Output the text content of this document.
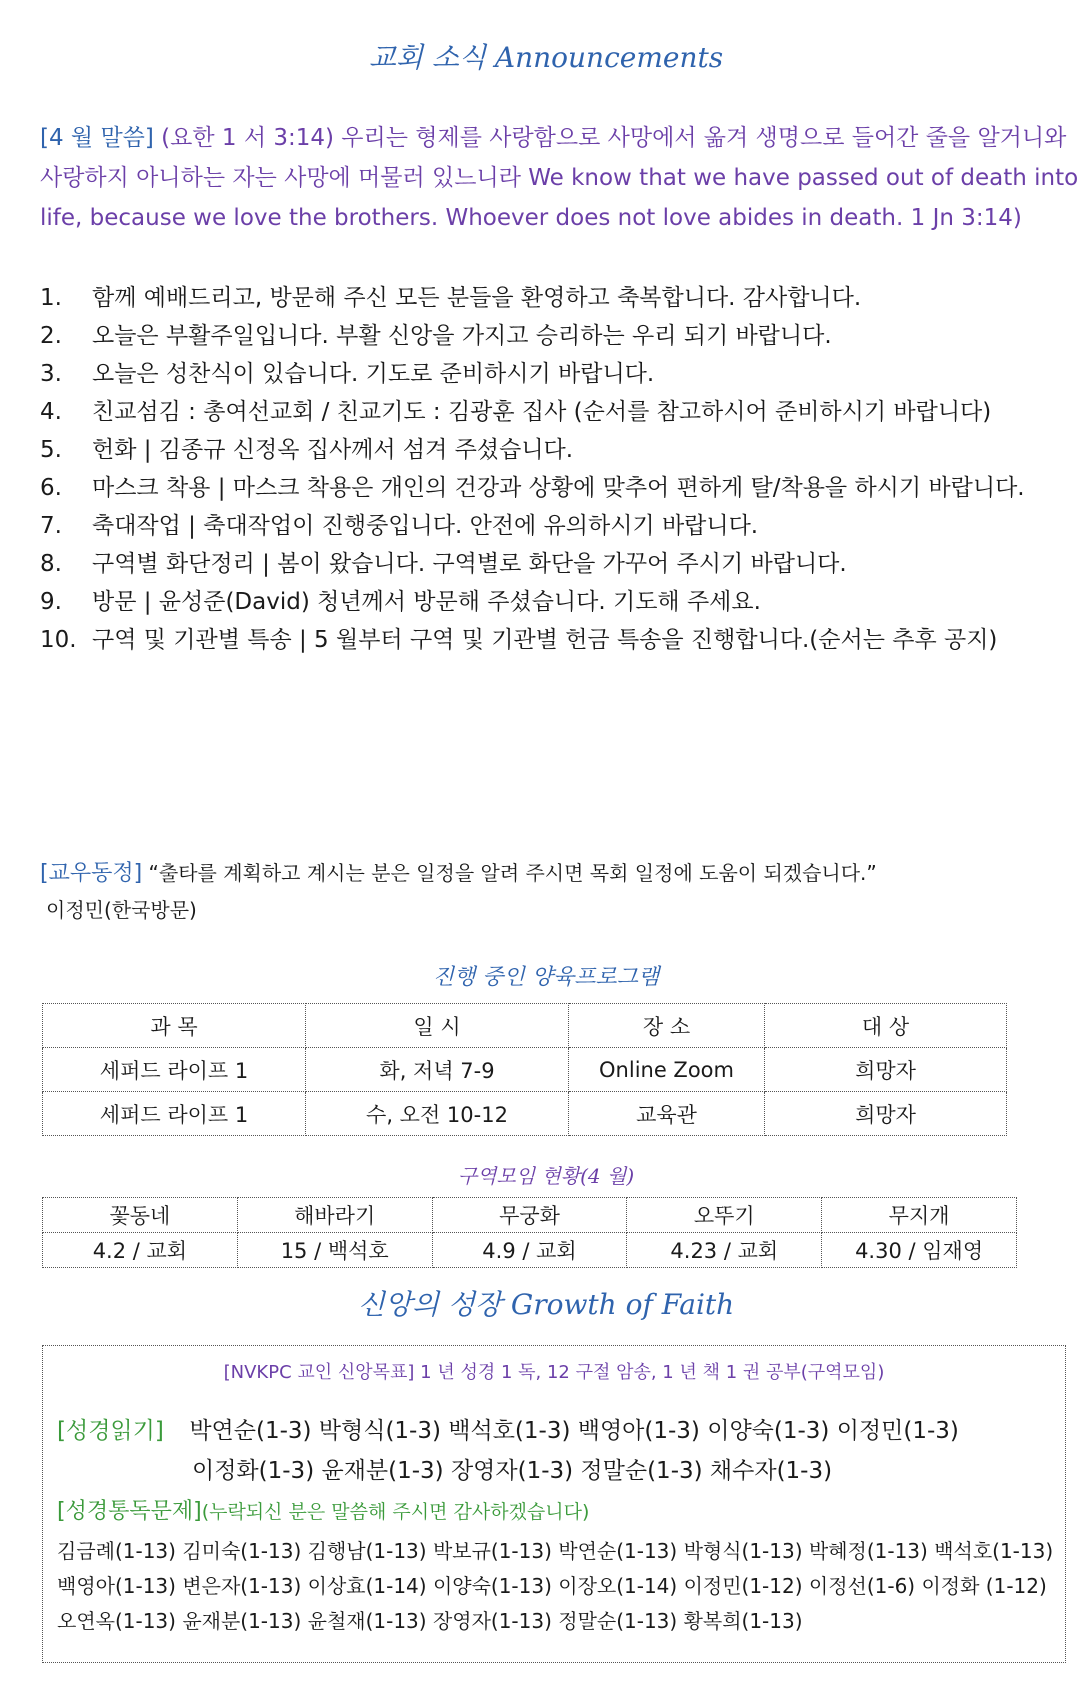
교회 소식 Announcements
[4 월 말씀] (요한 1 서 3:14) 우리는 형제를 사랑함으로 사망에서 옮겨 생명으로 들어간 줄을 알거니와 사랑하지 아니하는 자는 사망에 머물러 있느니라 We know that we have passed out of death into life, because we love the brothers. Whoever does not love abides in death. 1 Jn 3:14)
1. 함께 예배드리고, 방문해 주신 모든 분들을 환영하고 축복합니다. 감사합니다.
2. 오늘은 부활주일입니다. 부활 신앙을 가지고 승리하는 우리 되기 바랍니다.
3. 오늘은 성찬식이 있습니다. 기도로 준비하시기 바랍니다.
4. 친교섬김 : 총여선교회 / 친교기도 : 김광훈 집사 (순서를 참고하시어 준비하시기 바랍니다)
5. 헌화 | 김종규 신정옥 집사께서 섬겨 주셨습니다.
6. 마스크 착용 | 마스크 착용은 개인의 건강과 상황에 맞추어 편하게 탈/착용을 하시기 바랍니다.
7. 축대작업 | 축대작업이 진행중입니다. 안전에 유의하시기 바랍니다.
8. 구역별 화단정리 | 봄이 왔습니다. 구역별로 화단을 가꾸어 주시기 바랍니다.
9. 방문 | 윤성준(David) 청년께서 방문해 주셨습니다. 기도해 주세요.
10. 구역 및 기관별 특송 | 5 월부터 구역 및 기관별 헌금 특송을 진행합니다.(순서는 추후 공지)
[교우동정] “출타를 계획하고 계시는 분은 일정을 알려 주시면 목회 일정에 도움이 되겠습니다.”
이정민(한국방문)
진행 중인 양육프로그램
과 목	일 시	장 소	대 상
세퍼드 라이프 1	화, 저녁 7-9	Online Zoom	희망자
세퍼드 라이프 1	수, 오전 10-12	교육관	희망자
구역모임 현황(4 월)
꽃동네	해바라기	무궁화	오뚜기	무지개
4.2 / 교회	15 / 백석호	4.9 / 교회	4.23 / 교회	4.30 / 임재영
신앙의 성장 Growth of Faith
[NVKPC 교인 신앙목표] 1 년 성경 1 독, 12 구절 암송, 1 년 책 1 권 공부(구역모임)
[성경읽기] 박연순(1-3) 박형식(1-3) 백석호(1-3) 백영아(1-3) 이양숙(1-3) 이정민(1-3)
이정화(1-3) 윤재분(1-3) 장영자(1-3) 정말순(1-3) 채수자(1-3)
[성경통독문제](누락되신 분은 말씀해 주시면 감사하겠습니다)
김금례(1-13) 김미숙(1-13) 김행남(1-13) 박보규(1-13) 박연순(1-13) 박형식(1-13) 박혜정(1-13) 백석호(1-13) 백영아(1-13) 변은자(1-13) 이상효(1-14) 이양숙(1-13) 이장오(1-14) 이정민(1-12) 이정선(1-6) 이정화 (1-12) 오연옥(1-13) 윤재분(1-13) 윤철재(1-13) 장영자(1-13) 정말순(1-13) 황복희(1-13)
